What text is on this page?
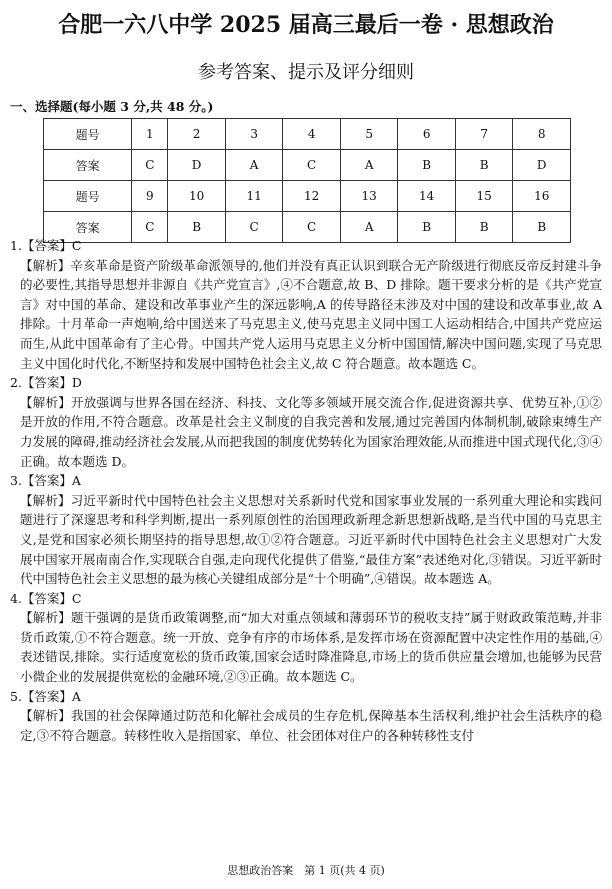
合肥一六八中学 2025 届高三最后一卷 · 思想政治
参考答案、提示及评分细则
一、选择题(每小题 3 分,共 48 分。)
题号	1	2	3	4	5	6	7	8
答案	C	D	A	C	A	B	B	D
题号	9	10	11	12	13	14	15	16
答案	C	B	C	C	A	B	B	B
1.【答案】C
【解析】辛亥革命是资产阶级革命派领导的,他们并没有真正认识到联合无产阶级进行彻底反帝反封建斗争的必要性,其指导思想并非源自《共产党宣言》,④不合题意,故 B、D 排除。题干要求分析的是《共产党宣言》对中国的革命、建设和改革事业产生的深远影响,A 的传导路径未涉及对中国的建设和改革事业,故 A 排除。十月革命一声炮响,给中国送来了马克思主义,使马克思主义同中国工人运动相结合,中国共产党应运而生,从此中国革命有了主心骨。中国共产党人运用马克思主义分析中国国情,解决中国问题,实现了马克思主义中国化时代化,不断坚持和发展中国特色社会主义,故 C 符合题意。故本题选 C。
2.【答案】D
【解析】开放强调与世界各国在经济、科技、文化等多领域开展交流合作,促进资源共享、优势互补,①②是开放的作用,不符合题意。改革是社会主义制度的自我完善和发展,通过完善国内体制机制,破除束缚生产力发展的障碍,推动经济社会发展,从而把我国的制度优势转化为国家治理效能,从而推进中国式现代化,③④正确。故本题选 D。
3.【答案】A
【解析】习近平新时代中国特色社会主义思想对关系新时代党和国家事业发展的一系列重大理论和实践问题进行了深邃思考和科学判断,提出一系列原创性的治国理政新理念新思想新战略,是当代中国的马克思主义,是党和国家必须长期坚持的指导思想,故①②符合题意。习近平新时代中国特色社会主义思想对广大发展中国家开展南南合作,实现联合自强,走向现代化提供了借鉴,“最佳方案”表述绝对化,③错误。习近平新时代中国特色社会主义思想的最为核心关键组成部分是“十个明确”,④错误。故本题选 A。
4.【答案】C
【解析】题干强调的是货币政策调整,而“加大对重点领域和薄弱环节的税收支持”属于财政政策范畴,并非货币政策,①不符合题意。统一开放、竞争有序的市场体系,是发挥市场在资源配置中决定性作用的基础,④表述错误,排除。实行适度宽松的货币政策,国家会适时降准降息,市场上的货币供应量会增加,也能够为民营小微企业的发展提供宽松的金融环境,②③正确。故本题选 C。
5.【答案】A
【解析】我国的社会保障通过防范和化解社会成员的生存危机,保障基本生活权利,维护社会生活秩序的稳定,③不符合题意。转移性收入是指国家、单位、社会团体对住户的各种转移性支付
思想政治答案　第 1 页(共 4 页)
